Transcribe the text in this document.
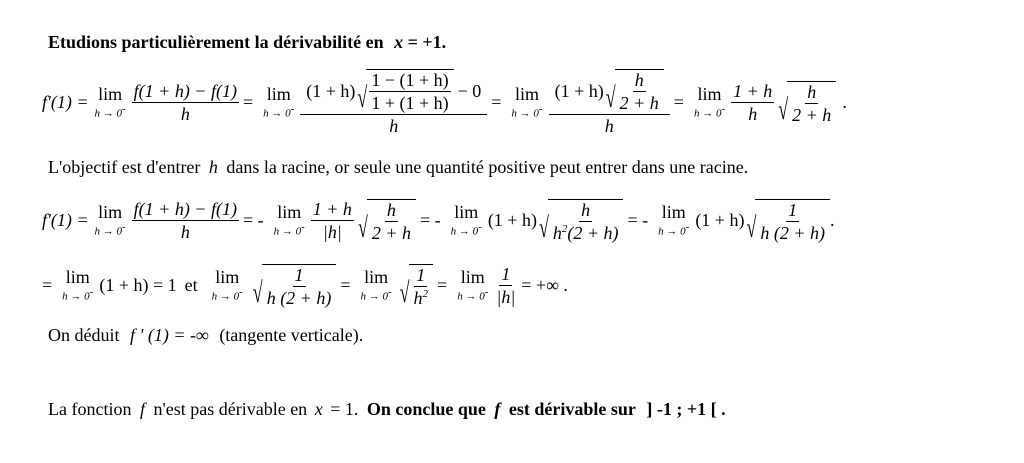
Etudions particulièrement la dérivabilité en x = +1.
f'(1) = lim
$h \to 0^- \frac{f(1 + h) - f(1)}{h} = \lim$
h → 0-
(1 + h) √ $\frac{1 - (1 + h)}{1 + (1 + h)} - 0$
h
= lim
$h \to 0^- \frac{(1 + h) √ \frac{h}{2 + h}}{h} = \lim$
$h \to 0^- \frac{1 + h}{h}$ √ $\frac{h}{2 + h}$ .
L'objectif est d'entrer h dans la racine, or seule une quantité positive peut entrer dans une racine.
f'(1) = lim
$h \to 0^- \frac{f(1 + h) - f(1)}{h}$ = - lim
$h \to 0^- \frac{1 + h}{|h|}$ √ $\frac{h}{2 + h}$ = - lim
h → 0- (1 + h) √ $\frac{h}{h^2(2 + h)}$ = - lim
h → 0- (1 + h) √ $\frac{1}{h (2 + h)}$ .
= lim
h → 0- (1 + h) = 1 et lim
h → 0- √ $\frac{1}{h (2 + h)} = \lim$
h → 0- √ $\frac{1}{h^2} = \lim$
$h \to 0^- \frac{1}{|h|}$ = +∞ .
On déduit f ' (1) = -∞ (tangente verticale).
La fonction f n'est pas dérivable en x = 1. On conclue que f est dérivable sur ] -1 ; +1 [ .
